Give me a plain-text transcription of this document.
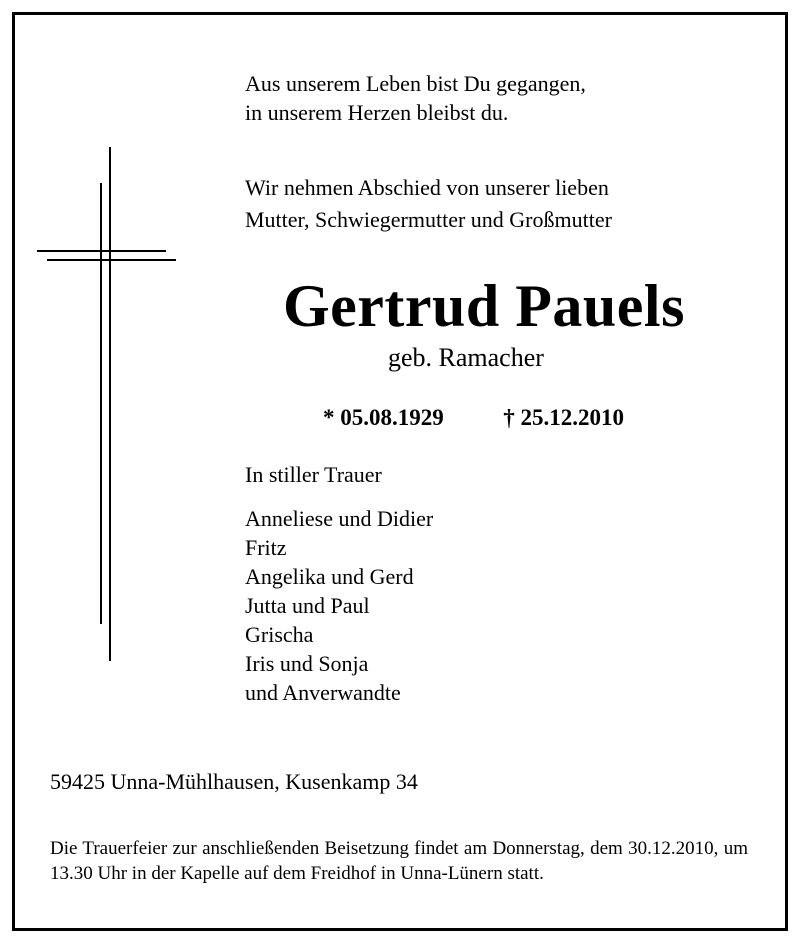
Aus unserem Leben bist Du gegangen,
in unserem Herzen bleibst du.
Wir nehmen Abschied von unserer lieben
Mutter, Schwiegermutter und Großmutter
Gertrud Pauels
geb. Ramacher
* 05.08.1929	† 25.12.2010
In stiller Trauer
Anneliese und Didier
Fritz
Angelika und Gerd
Jutta und Paul
Grischa
Iris und Sonja
und Anverwandte
59425 Unna-Mühlhausen, Kusenkamp 34
Die Trauerfeier zur anschließenden Beisetzung findet am Donnerstag, dem 30.12.2010, um 13.30 Uhr in der Kapelle auf dem Freidhof in Unna-Lünern statt.
